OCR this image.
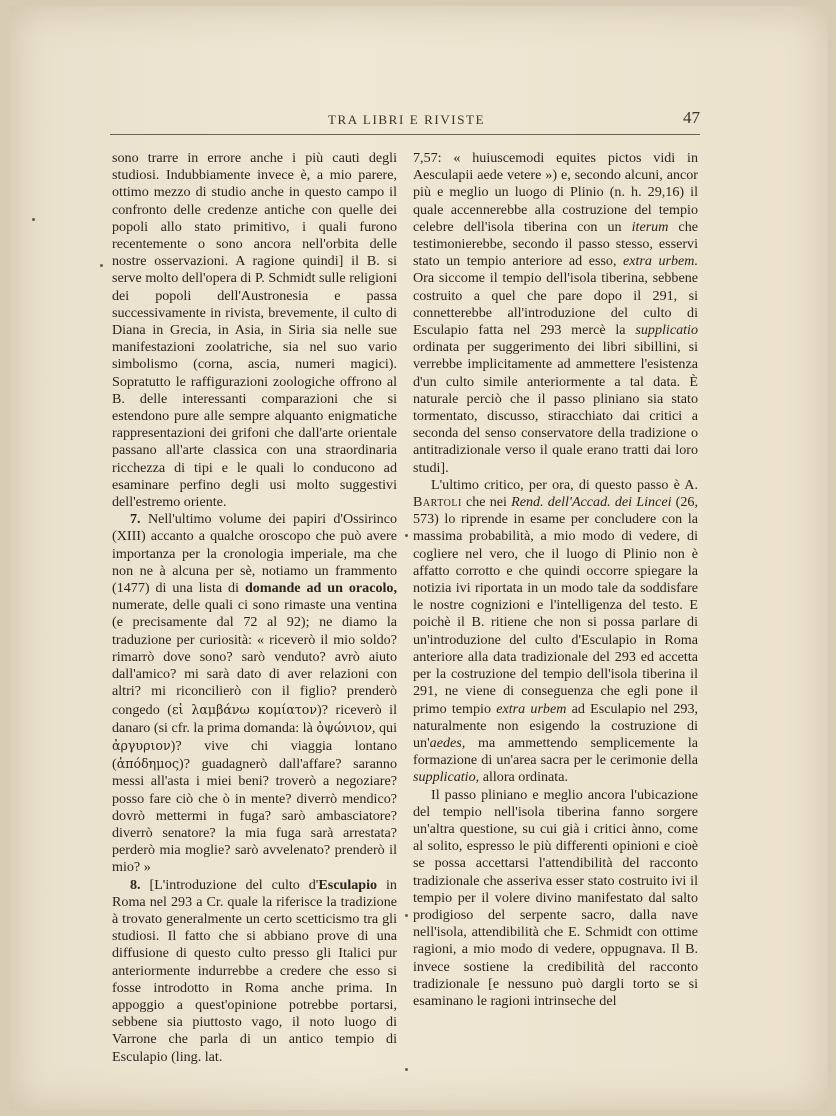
TRA LIBRI E RIVISTE	47

sono trarre in errore anche i più cauti degli studiosi. Indubbiamente invece è, a mio parere, ottimo mezzo di studio anche in questo campo il confronto delle credenze antiche con quelle dei popoli allo stato primitivo, i quali furono recentemente o sono ancora nell'orbita delle nostre osservazioni. A ragione quindi] il B. si serve molto dell'opera di P. Schmidt sulle religioni dei popoli dell'Austronesia e passa successivamente in rivista, brevemente, il culto di Diana in Grecia, in Asia, in Siria sia nelle sue manifestazioni zoolatriche, sia nel suo vario simbolismo (corna, ascia, numeri magici). Sopratutto le raffigurazioni zoologiche offrono al B. delle interessanti comparazioni che si estendono pure alle sempre alquanto enigmatiche rappresentazioni dei grifoni che dall'arte orientale passano all'arte classica con una straordinaria ricchezza di tipi e le quali lo conducono ad esaminare perfino degli usi molto suggestivi dell'estremo oriente.

7. Nell'ultimo volume dei papiri d'Ossirinco (XIII) accanto a qualche oroscopo che può avere importanza per la cronologia imperiale, ma che non ne à alcuna per sè, notiamo un frammento (1477) di una lista di domande ad un oracolo, numerate, delle quali ci sono rimaste una ventina (e precisamente dal 72 al 92); ne diamo la traduzione per curiosità: « riceverò il mio soldo? rimarrò dove sono? sarò venduto? avrò aiuto dall'amico? mi sarà dato di aver relazioni con altri? mi riconcilierò con il figlio? prenderò congedo (εἰ λαμβάνω κομίατον)? riceverò il danaro (si cfr. la prima domanda: là ὀψώνιον, qui ἀργυριον)? vive chi viaggia lontano (ἀπόδημος)? guadagnerò dall'affare? saranno messi all'asta i miei beni? troverò a negoziare? posso fare ciò che ò in mente? diverrò mendico? dovrò mettermi in fuga? sarò ambasciatore? diverrò senatore? la mia fuga sarà arrestata? perderò mia moglie? sarò avvelenato? prenderò il mio? »

8. [L'introduzione del culto d'Esculapio in Roma nel 293 a Cr. quale la riferisce la tradizione à trovato generalmente un certo scetticismo tra gli studiosi. Il fatto che si abbiano prove di una diffusione di questo culto presso gli Italici pur anteriormente indurrebbe a credere che esso si fosse introdotto in Roma anche prima. In appoggio a quest'opinione potrebbe portarsi, sebbene sia piuttosto vago, il noto luogo di Varrone che parla di un antico tempio di Esculapio (ling. lat.

7,57: « huiuscemodi equites pictos vidi in Aesculapii aede vetere ») e, secondo alcuni, ancor più e meglio un luogo di Plinio (n. h. 29,16) il quale accennerebbe alla costruzione del tempio celebre dell'isola tiberina con un iterum che testimonierebbe, secondo il passo stesso, esservi stato un tempio anteriore ad esso, extra urbem. Ora siccome il tempio dell'isola tiberina, sebbene costruito a quel che pare dopo il 291, si connetterebbe all'introduzione del culto di Esculapio fatta nel 293 mercè la supplicatio ordinata per suggerimento dei libri sibillini, si verrebbe implicitamente ad ammettere l'esistenza d'un culto simile anteriormente a tal data. È naturale perciò che il passo pliniano sia stato tormentato, discusso, stiracchiato dai critici a seconda del senso conservatore della tradizione o antitradizionale verso il quale erano tratti dai loro studi].

L'ultimo critico, per ora, di questo passo è A. Bartoli che nei Rend. dell'Accad. dei Lincei (26, 573) lo riprende in esame per concludere con la massima probabilità, a mio modo di vedere, di cogliere nel vero, che il luogo di Plinio non è affatto corrotto e che quindi occorre spiegare la notizia ivi riportata in un modo tale da soddisfare le nostre cognizioni e l'intelligenza del testo. E poichè il B. ritiene che non si possa parlare di un'introduzione del culto d'Esculapio in Roma anteriore alla data tradizionale del 293 ed accetta per la costruzione del tempio dell'isola tiberina il 291, ne viene di conseguenza che egli pone il primo tempio extra urbem ad Esculapio nel 293, naturalmente non esigendo la costruzione di un'aedes, ma ammettendo semplicemente la formazione di un'area sacra per le cerimonie della supplicatio, allora ordinata.

Il passo pliniano e meglio ancora l'ubicazione del tempio nell'isola tiberina fanno sorgere un'altra questione, su cui già i critici ànno, come al solito, espresso le più differenti opinioni e cioè se possa accettarsi l'attendibilità del racconto tradizionale che asseriva esser stato costruito ivi il tempio per il volere divino manifestato dal salto prodigioso del serpente sacro, dalla nave nell'isola, attendibilità che E. Schmidt con ottime ragioni, a mio modo di vedere, oppugnava. Il B. invece sostiene la credibilità del racconto tradizionale [e nessuno può dargli torto se si esaminano le ragioni intrinseche del
